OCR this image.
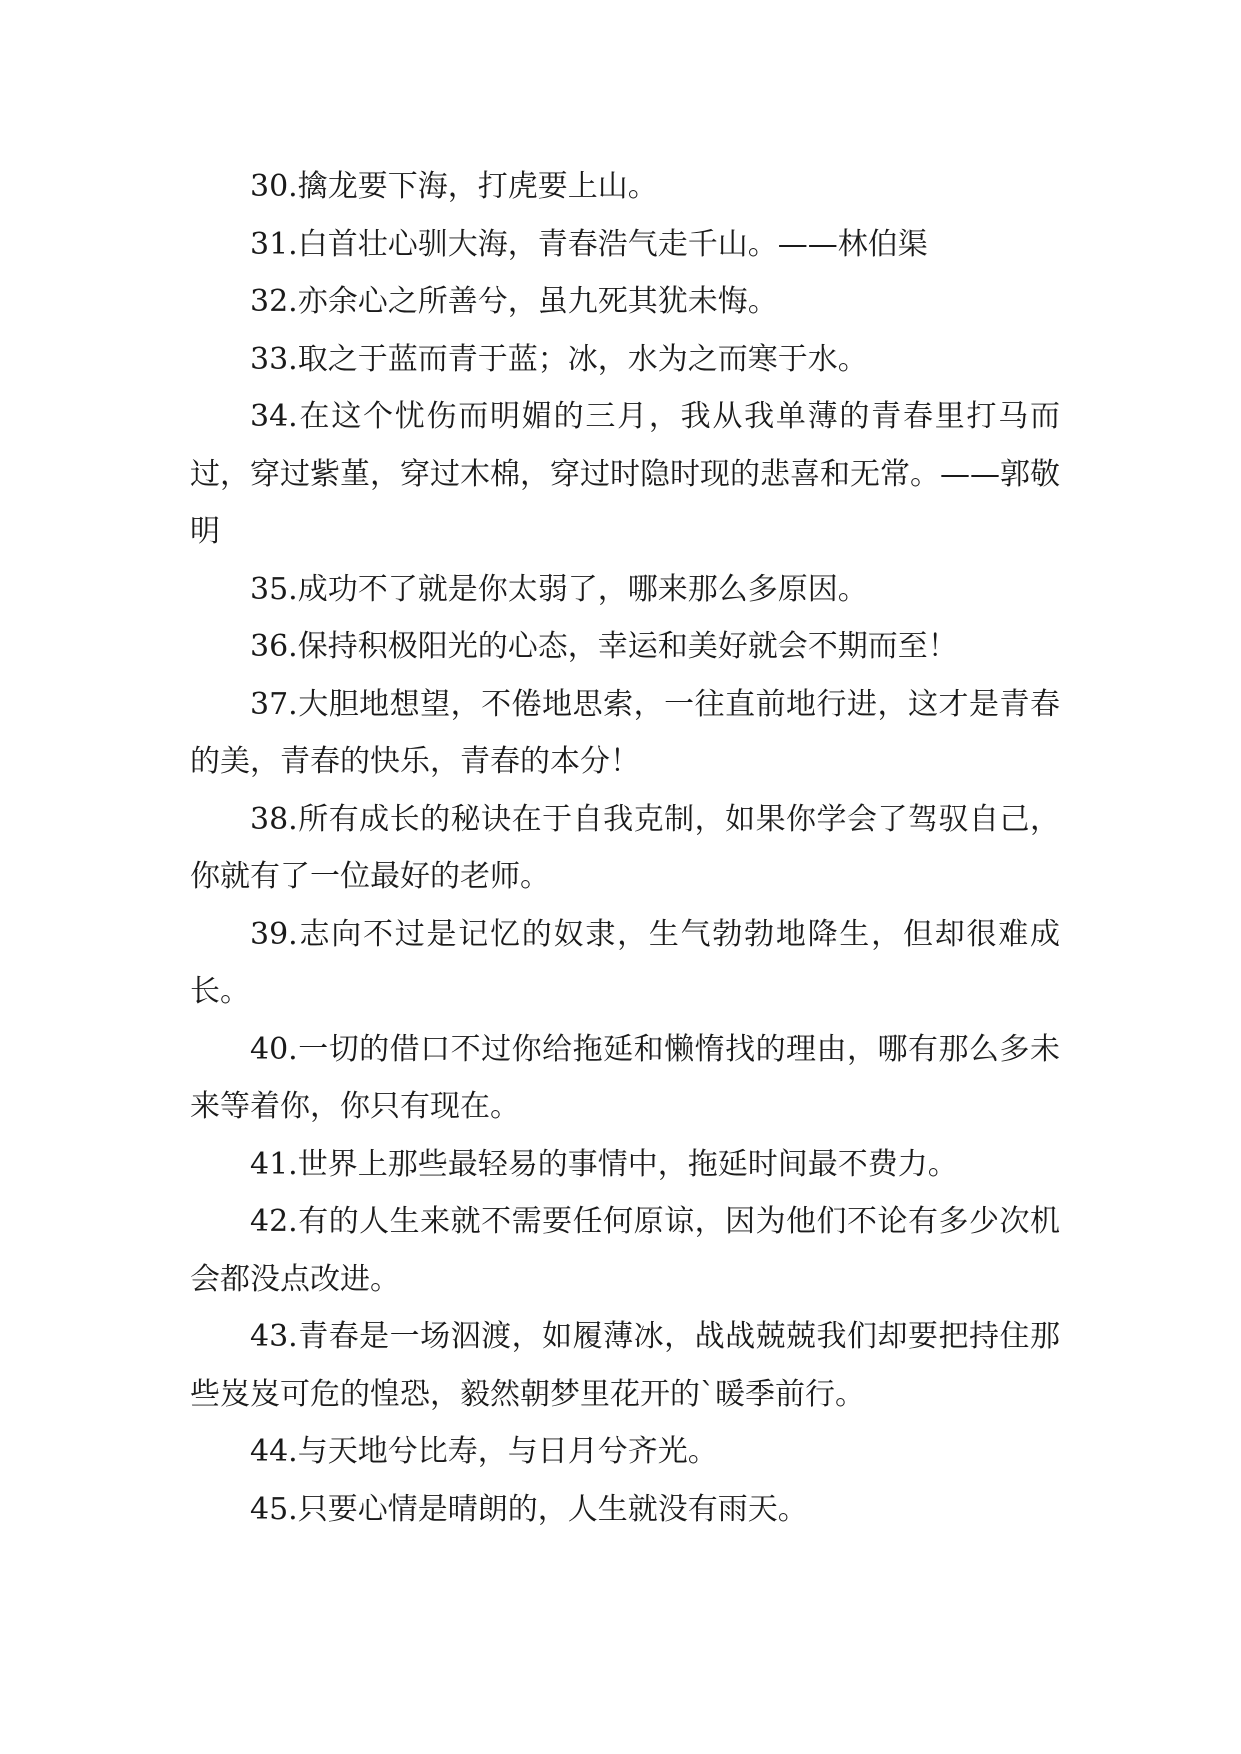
30.擒龙要下海，打虎要上山。

31.白首壮心驯大海，青春浩气走千山。——林伯渠

32.亦余心之所善兮，虽九死其犹未悔。

33.取之于蓝而青于蓝；冰，水为之而寒于水。

34.在这个忧伤而明媚的三月，我从我单薄的青春里打马而过，穿过紫堇，穿过木棉，穿过时隐时现的悲喜和无常。——郭敬明

35.成功不了就是你太弱了，哪来那么多原因。

36.保持积极阳光的心态，幸运和美好就会不期而至！

37.大胆地想望，不倦地思索，一往直前地行进，这才是青春的美，青春的快乐，青春的本分！

38.所有成长的秘诀在于自我克制，如果你学会了驾驭自己，你就有了一位最好的老师。

39.志向不过是记忆的奴隶，生气勃勃地降生，但却很难成长。

40.一切的借口不过你给拖延和懒惰找的理由，哪有那么多未来等着你，你只有现在。

41.世界上那些最轻易的事情中，拖延时间最不费力。

42.有的人生来就不需要任何原谅，因为他们不论有多少次机会都没点改进。

43.青春是一场泅渡，如履薄冰，战战兢兢我们却要把持住那些岌岌可危的惶恐，毅然朝梦里花开的`暖季前行。

44.与天地兮比寿，与日月兮齐光。

45.只要心情是晴朗的，人生就没有雨天。
